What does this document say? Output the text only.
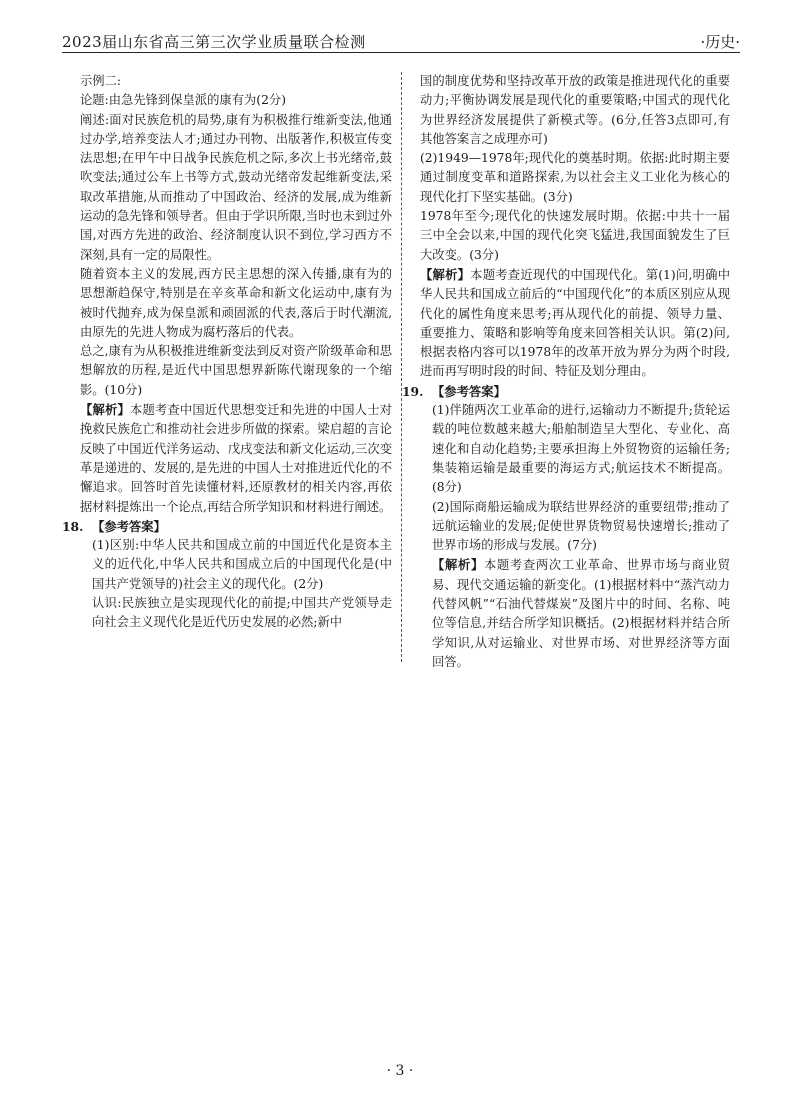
2023届山东省高三第三次学业质量联合检测	·历史·

示例二:

论题:由急先锋到保皇派的康有为(2分)

阐述:面对民族危机的局势,康有为积极推行维新变法,他通过办学,培养变法人才;通过办刊物、出版著作,积极宣传变法思想;在甲午中日战争民族危机之际,多次上书光绪帝,鼓吹变法;通过公车上书等方式,鼓动光绪帝发起维新变法,采取改革措施,从而推动了中国政治、经济的发展,成为维新运动的急先锋和领导者。但由于学识所限,当时也未到过外国,对西方先进的政治、经济制度认识不到位,学习西方不深刻,具有一定的局限性。

随着资本主义的发展,西方民主思想的深入传播,康有为的思想渐趋保守,特别是在辛亥革命和新文化运动中,康有为被时代抛弃,成为保皇派和顽固派的代表,落后于时代潮流,由原先的先进人物成为腐朽落后的代表。

总之,康有为从积极推进维新变法到反对资产阶级革命和思想解放的历程,是近代中国思想界新陈代谢现象的一个缩影。(10分)

【解析】本题考查中国近代思想变迁和先进的中国人士对挽救民族危亡和推动社会进步所做的探索。梁启超的言论反映了中国近代洋务运动、戊戌变法和新文化运动,三次变革是递进的、发展的,是先进的中国人士对推进近代化的不懈追求。回答时首先读懂材料,还原教材的相关内容,再依据材料提炼出一个论点,再结合所学知识和材料进行阐述。

18. 【参考答案】

(1)区别:中华人民共和国成立前的中国近代化是资本主义的近代化,中华人民共和国成立后的中国现代化是(中国共产党领导的)社会主义的现代化。(2分)

认识:民族独立是实现现代化的前提;中国共产党领导走向社会主义现代化是近代历史发展的必然;新中

国的制度优势和坚持改革开放的政策是推进现代化的重要动力;平衡协调发展是现代化的重要策略;中国式的现代化为世界经济发展提供了新模式等。(6分,任答3点即可,有其他答案言之成理亦可)

(2)1949—1978年;现代化的奠基时期。依据:此时期主要通过制度变革和道路探索,为以社会主义工业化为核心的现代化打下坚实基础。(3分)

1978年至今;现代化的快速发展时期。依据:中共十一届三中全会以来,中国的现代化突飞猛进,我国面貌发生了巨大改变。(3分)

【解析】本题考查近现代的中国现代化。第(1)问,明确中华人民共和国成立前后的“中国现代化”的本质区别应从现代化的属性角度来思考;再从现代化的前提、领导力量、重要推力、策略和影响等角度来回答相关认识。第(2)问,根据表格内容可以1978年的改革开放为界分为两个时段,进而再写明时段的时间、特征及划分理由。

19. 【参考答案】

(1)伴随两次工业革命的进行,运输动力不断提升;货轮运载的吨位数越来越大;船舶制造呈大型化、专业化、高速化和自动化趋势;主要承担海上外贸物资的运输任务;集装箱运输是最重要的海运方式;航运技术不断提高。(8分)

(2)国际商船运输成为联结世界经济的重要纽带;推动了远航运输业的发展;促使世界货物贸易快速增长;推动了世界市场的形成与发展。(7分)

【解析】本题考查两次工业革命、世界市场与商业贸易、现代交通运输的新变化。(1)根据材料中“蒸汽动力代替风帆”“石油代替煤炭”及图片中的时间、名称、吨位等信息,并结合所学知识概括。(2)根据材料并结合所学知识,从对运输业、对世界市场、对世界经济等方面回答。

· 3 ·
